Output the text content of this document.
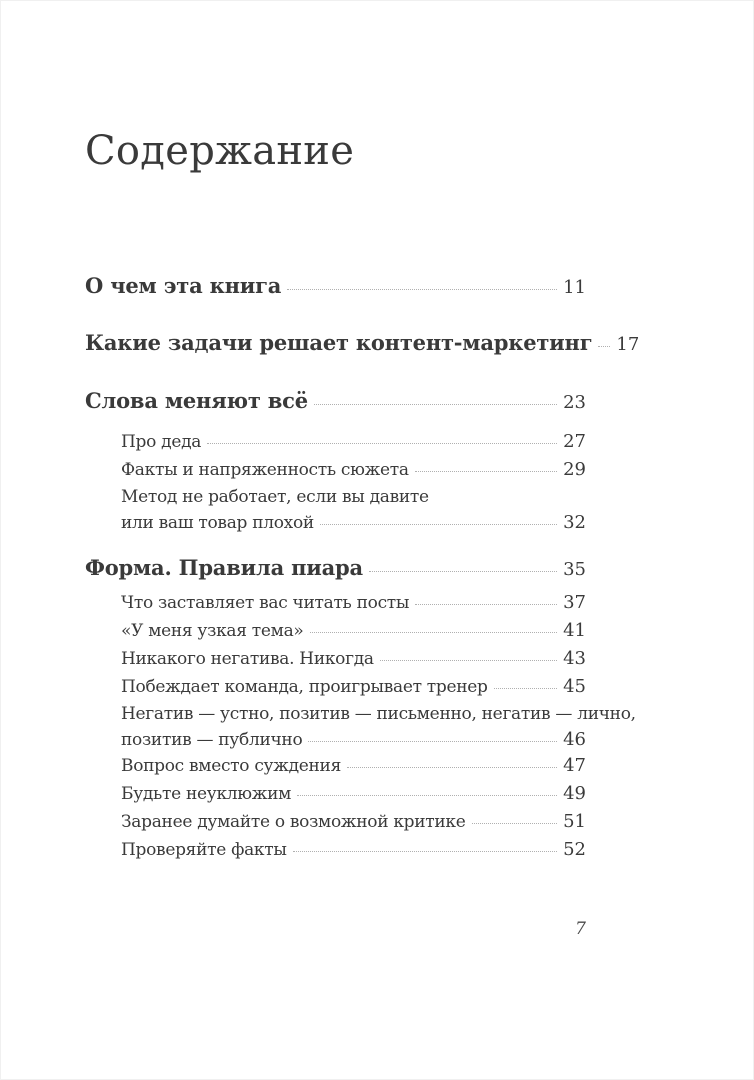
Содержание
О чем эта книга	11
Какие задачи решает контент-маркетинг 17
Слова меняют всё	23
Про деда	27
Факты и напряженность сюжета	29
Метод не работает, если вы давите
или ваш товар плохой	32
Форма. Правила пиара	35
Что заставляет вас читать посты	37
«У меня узкая тема»	41
Никакого негатива. Никогда	43
Побеждает команда, проигрывает тренер	45
Негатив — устно, позитив — письменно, негатив — лично,
позитив — публично	46
Вопрос вместо суждения	47
Будьте неуклюжим	49
Заранее думайте о возможной критике	51
Проверяйте факты	52
7
